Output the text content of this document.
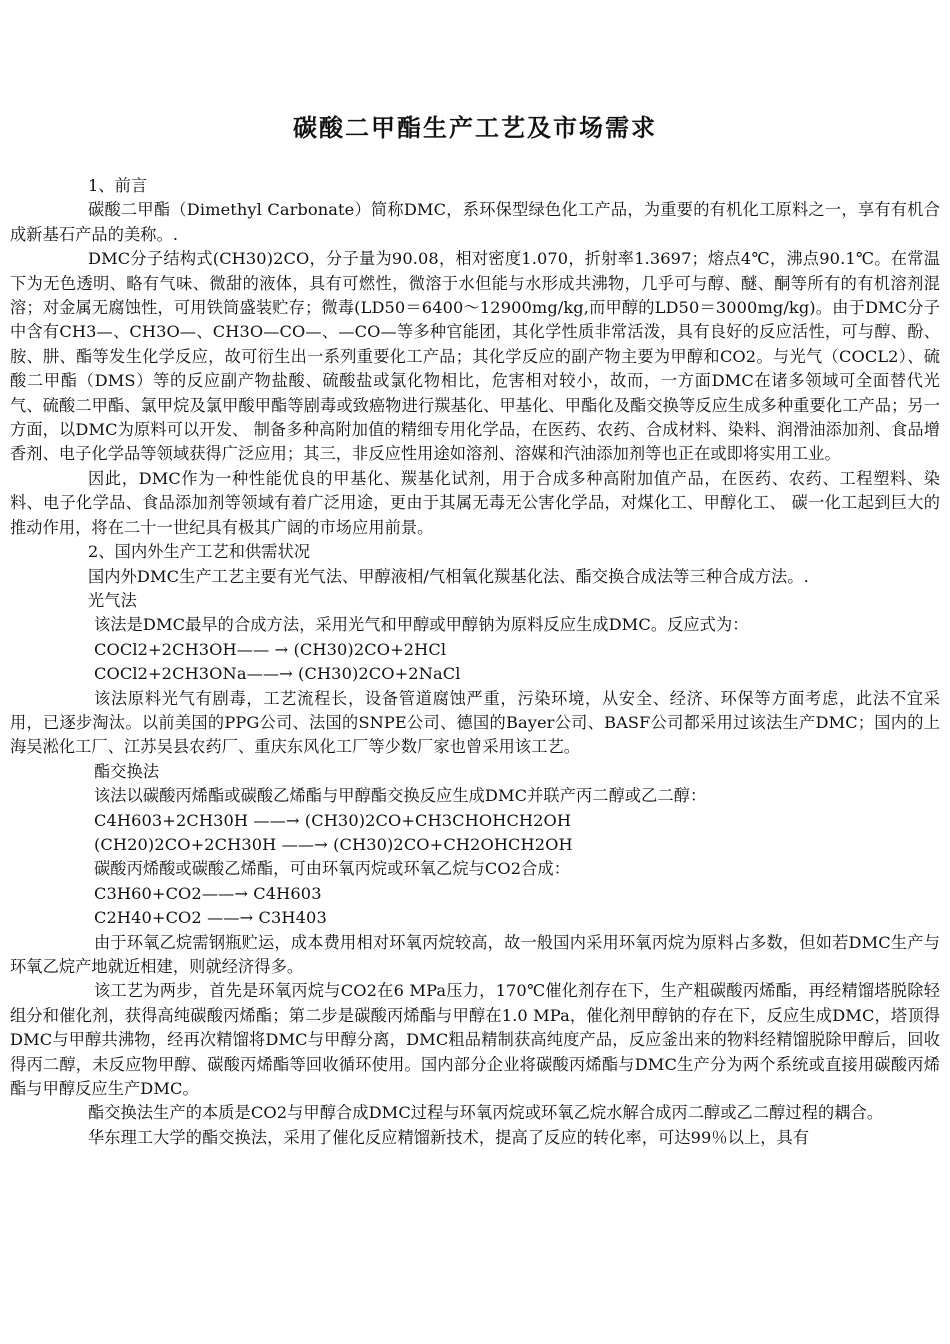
碳酸二甲酯生产工艺及市场需求

1、前言

碳酸二甲酯（Dimethyl Carbonate）简称DMC，系环保型绿色化工产品，为重要的有机化工原料之一，享有有机合成新基石产品的美称。.

DMC分子结构式(CH30)2CO，分子量为90.08，相对密度1.070，折射率1.3697；熔点4℃，沸点90.1℃。在常温下为无色透明、略有气味、微甜的液体，具有可燃性，微溶于水但能与水形成共沸物，几乎可与醇、醚、酮等所有的有机溶剂混溶；对金属无腐蚀性，可用铁筒盛装贮存；微毒(LD50＝6400～12900mg/kg,而甲醇的LD50＝3000mg/kg)。由于DMC分子中含有CH3—、CH3O—、CH3O—CO—、—CO—等多种官能团，其化学性质非常活泼，具有良好的反应活性，可与醇、酚、胺、肼、酯等发生化学反应，故可衍生出一系列重要化工产品；其化学反应的副产物主要为甲醇和CO2。与光气（COCL2）、硫酸二甲酯（DMS）等的反应副产物盐酸、硫酸盐或氯化物相比，危害相对较小，故而，一方面DMC在诸多领域可全面替代光气、硫酸二甲酯、氯甲烷及氯甲酸甲酯等剧毒或致癌物进行羰基化、甲基化、甲酯化及酯交换等反应生成多种重要化工产品；另一方面，以DMC为原料可以开发、 制备多种高附加值的精细专用化学品，在医药、农药、合成材料、染料、润滑油添加剂、食品增香剂、电子化学品等领域获得广泛应用；其三，非反应性用途如溶剂、溶媒和汽油添加剂等也正在或即将实用工业。

因此，DMC作为一种性能优良的甲基化、羰基化试剂，用于合成多种高附加值产品，在医药、农药、工程塑料、染料、电子化学品、食品添加剂等领域有着广泛用途，更由于其属无毒无公害化学品，对煤化工、甲醇化工、 碳一化工起到巨大的推动作用，将在二十一世纪具有极其广阔的市场应用前景。

2、国内外生产工艺和供需状况

国内外DMC生产工艺主要有光气法、甲醇液相/气相氧化羰基化法、酯交换合成法等三种合成方法。.

光气法

该法是DMC最早的合成方法，采用光气和甲醇或甲醇钠为原料反应生成DMC。反应式为：

COCl2+2CH3OH—— → (CH30)2CO+2HCl

COCl2+2CH3ONa——→ (CH30)2CO+2NaCl

该法原料光气有剧毒，工艺流程长，设备管道腐蚀严重，污染环境，从安全、经济、环保等方面考虑，此法不宜采用，已逐步淘汰。以前美国的PPG公司、法国的SNPE公司、德国的Bayer公司、BASF公司都采用过该法生产DMC；国内的上海吴淞化工厂、江苏吴县农药厂、重庆东风化工厂等少数厂家也曾采用该工艺。

酯交换法

该法以碳酸丙烯酯或碳酸乙烯酯与甲醇酯交换反应生成DMC并联产丙二醇或乙二醇：

C4H603+2CH30H ——→ (CH30)2CO+CH3CHOHCH2OH

(CH20)2CO+2CH30H ——→ (CH30)2CO+CH2OHCH2OH

碳酸丙烯酸或碳酸乙烯酯，可由环氧丙烷或环氧乙烷与CO2合成：

C3H60+CO2——→ C4H603

C2H40+CO2 ——→ C3H403

由于环氧乙烷需钢瓶贮运，成本费用相对环氧丙烷较高，故一般国内采用环氧丙烷为原料占多数，但如若DMC生产与环氧乙烷产地就近相建，则就经济得多。

该工艺为两步，首先是环氧丙烷与CO2在6 MPa压力，170℃催化剂存在下，生产粗碳酸丙烯酯，再经精馏塔脱除轻组分和催化剂，获得高纯碳酸丙烯酯；第二步是碳酸丙烯酯与甲醇在1.0 MPa，催化剂甲醇钠的存在下，反应生成DMC，塔顶得DMC与甲醇共沸物，经再次精馏将DMC与甲醇分离，DMC粗品精制获高纯度产品，反应釜出来的物料经精馏脱除甲醇后，回收得丙二醇，未反应物甲醇、碳酸丙烯酯等回收循环使用。国内部分企业将碳酸丙烯酯与DMC生产分为两个系统或直接用碳酸丙烯酯与甲醇反应生产DMC。

酯交换法生产的本质是CO2与甲醇合成DMC过程与环氧丙烷或环氧乙烷水解合成丙二醇或乙二醇过程的耦合。

华东理工大学的酯交换法，采用了催化反应精馏新技术，提高了反应的转化率，可达99％以上，具有
